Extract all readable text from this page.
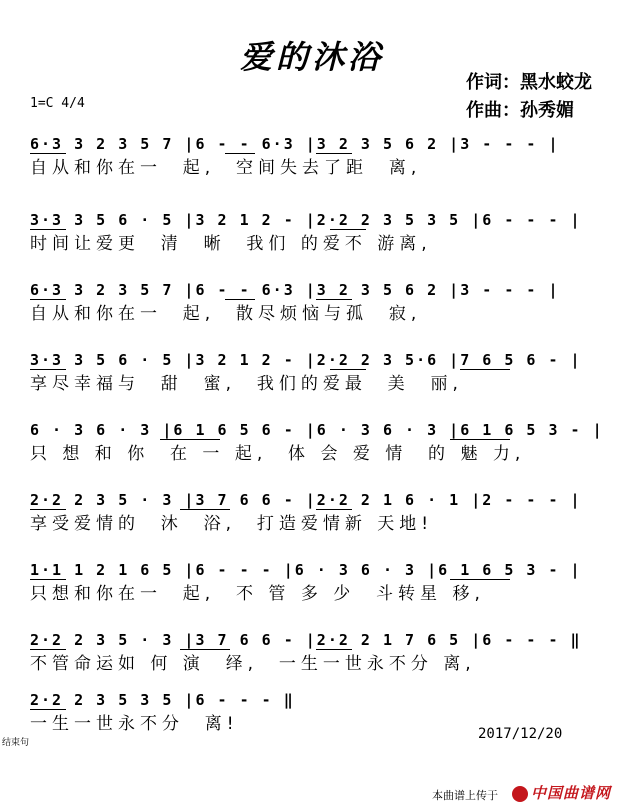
爱的沐浴
作词：黑水蛟龙
作曲：孙秀媚
1=C 4/4
6·3 3 2 3 5 7 |6 - - 6·3 |3 2 3 5 6 2 |3 - - - |
自从和你在一  起,  空间失去了距  离,
3·3 3 5 6 · 5 |3 2 1 2 - |2·2 2 3 5 3 5 |6 - - - |
时间让爱更  清  晰  我们 的爱不 游离,
6·3 3 2 3 5 7 |6 - - 6·3 |3 2 3 5 6 2 |3 - - - |
自从和你在一  起,  散尽烦恼与孤  寂,
3·3 3 5 6 · 5 |3 2 1 2 - |2·2 2 3 5·6 |7 6 5 6 - |
享尽幸福与  甜  蜜,  我们的爱最  美  丽,
6 · 3 6 · 3 |6 1 6 5 6 - |6 · 3 6 · 3 |6 1 6 5 3 - |
只 想 和 你  在 一 起,  体 会 爱 情  的 魅 力,
2·2 2 3 5 · 3 |3 7 6 6 - |2·2 2 1 6 · 1 |2 - - - |
享受爱情的  沐  浴,  打造爱情新 天地!
1·1 1 2 1 6 5 |6 - - - |6 · 3 6 · 3 |6 1 6 5 3 - |
只想和你在一  起,  不 管 多 少  斗转星 移,
2·2 2 3 5 · 3 |3 7 6 6 - |2·2 2 1 7 6 5 |6 - - - ‖
不管命运如 何 演  绎,  一生一世永不分 离,
2·2 2 3 5 3 5 |6 - - - ‖
一生一世永不分  离!
结束句
2017/12/20
本曲谱上传于	中国曲谱网
